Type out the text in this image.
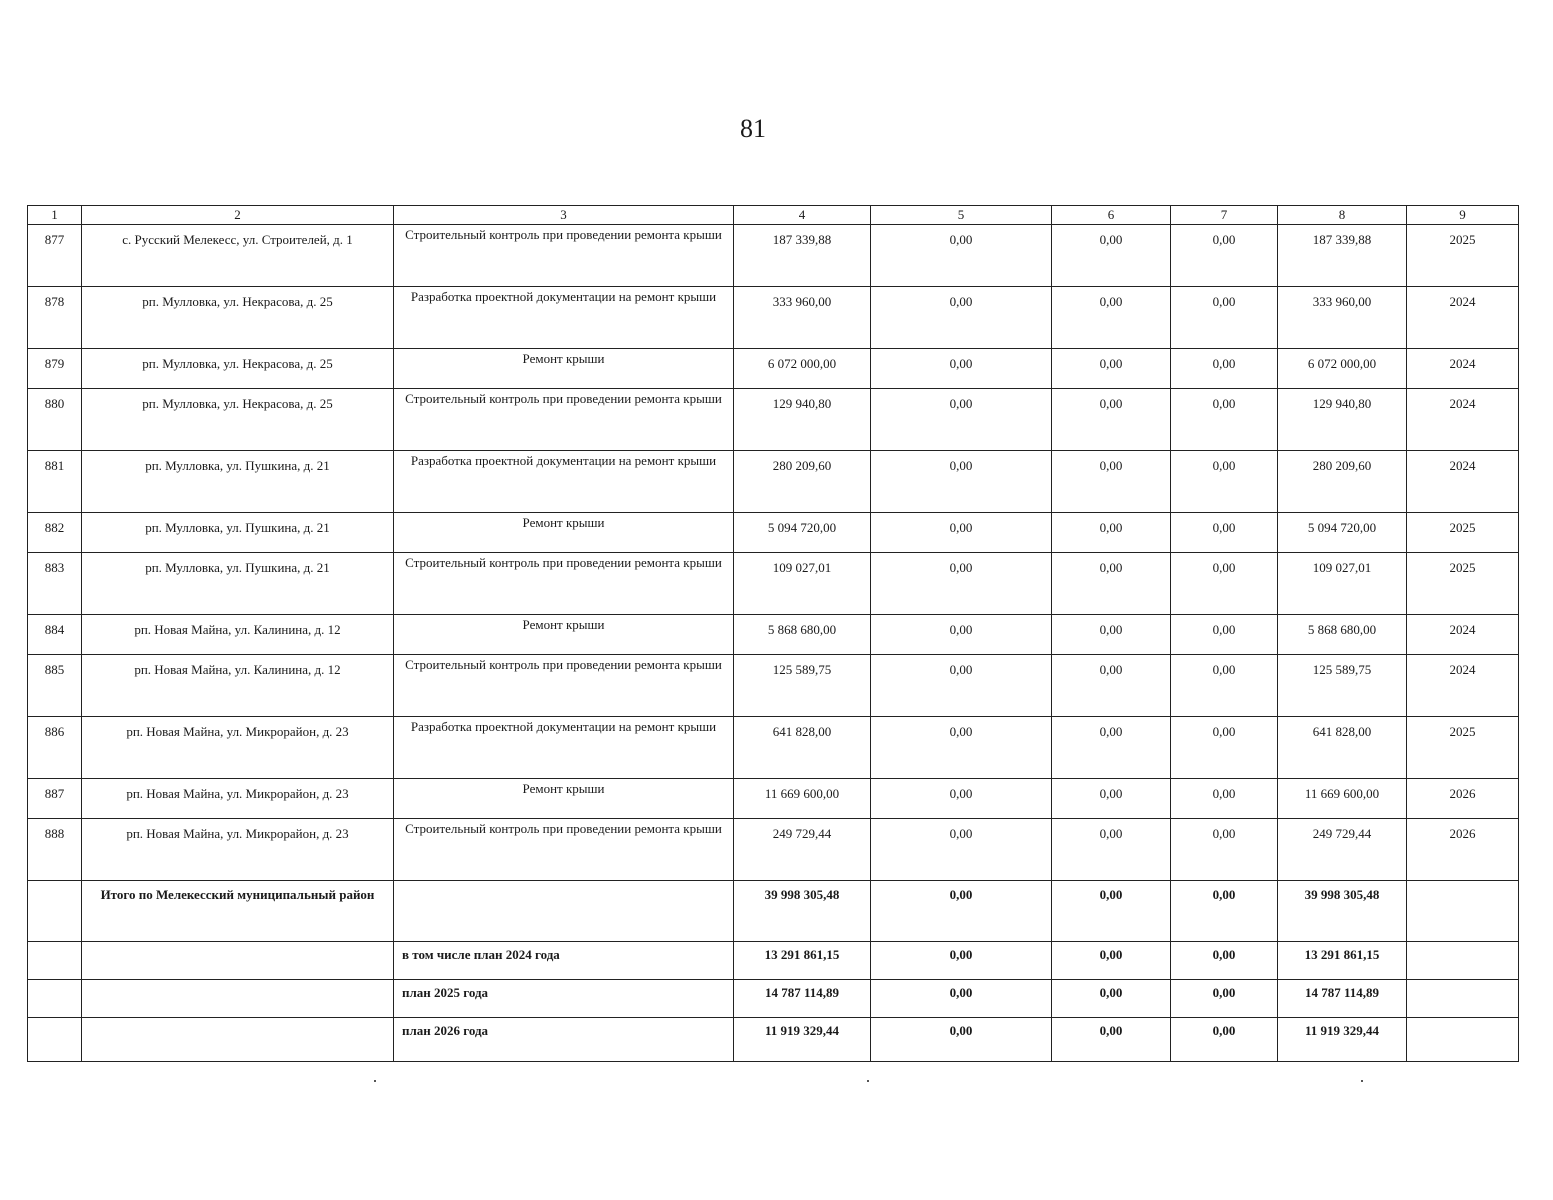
81
1	2	3	4	5	6	7	8	9
877	с. Русский Мелекесс, ул. Строителей, д. 1	Строительный контроль при проведении ремонта крыши	187 339,88	0,00	0,00	0,00	187 339,88	2025
878	рп. Мулловка, ул. Некрасова, д. 25	Разработка проектной документации на ремонт крыши	333 960,00	0,00	0,00	0,00	333 960,00	2024
879	рп. Мулловка, ул. Некрасова, д. 25	Ремонт крыши	6 072 000,00	0,00	0,00	0,00	6 072 000,00	2024
880	рп. Мулловка, ул. Некрасова, д. 25	Строительный контроль при проведении ремонта крыши	129 940,80	0,00	0,00	0,00	129 940,80	2024
881	рп. Мулловка, ул. Пушкина, д. 21	Разработка проектной документации на ремонт крыши	280 209,60	0,00	0,00	0,00	280 209,60	2024
882	рп. Мулловка, ул. Пушкина, д. 21	Ремонт крыши	5 094 720,00	0,00	0,00	0,00	5 094 720,00	2025
883	рп. Мулловка, ул. Пушкина, д. 21	Строительный контроль при проведении ремонта крыши	109 027,01	0,00	0,00	0,00	109 027,01	2025
884	рп. Новая Майна, ул. Калинина, д. 12	Ремонт крыши	5 868 680,00	0,00	0,00	0,00	5 868 680,00	2024
885	рп. Новая Майна, ул. Калинина, д. 12	Строительный контроль при проведении ремонта крыши	125 589,75	0,00	0,00	0,00	125 589,75	2024
886	рп. Новая Майна, ул. Микрорайон, д. 23	Разработка проектной документации на ремонт крыши	641 828,00	0,00	0,00	0,00	641 828,00	2025
887	рп. Новая Майна, ул. Микрорайон, д. 23	Ремонт крыши	11 669 600,00	0,00	0,00	0,00	11 669 600,00	2026
888	рп. Новая Майна, ул. Микрорайон, д. 23	Строительный контроль при проведении ремонта крыши	249 729,44	0,00	0,00	0,00	249 729,44	2026
	Итого по Мелекесский муниципальный район		39 998 305,48	0,00	0,00	0,00	39 998 305,48	
		в том числе план 2024 года	13 291 861,15	0,00	0,00	0,00	13 291 861,15	
		план 2025 года	14 787 114,89	0,00	0,00	0,00	14 787 114,89	
		план 2026 года	11 919 329,44	0,00	0,00	0,00	11 919 329,44	
